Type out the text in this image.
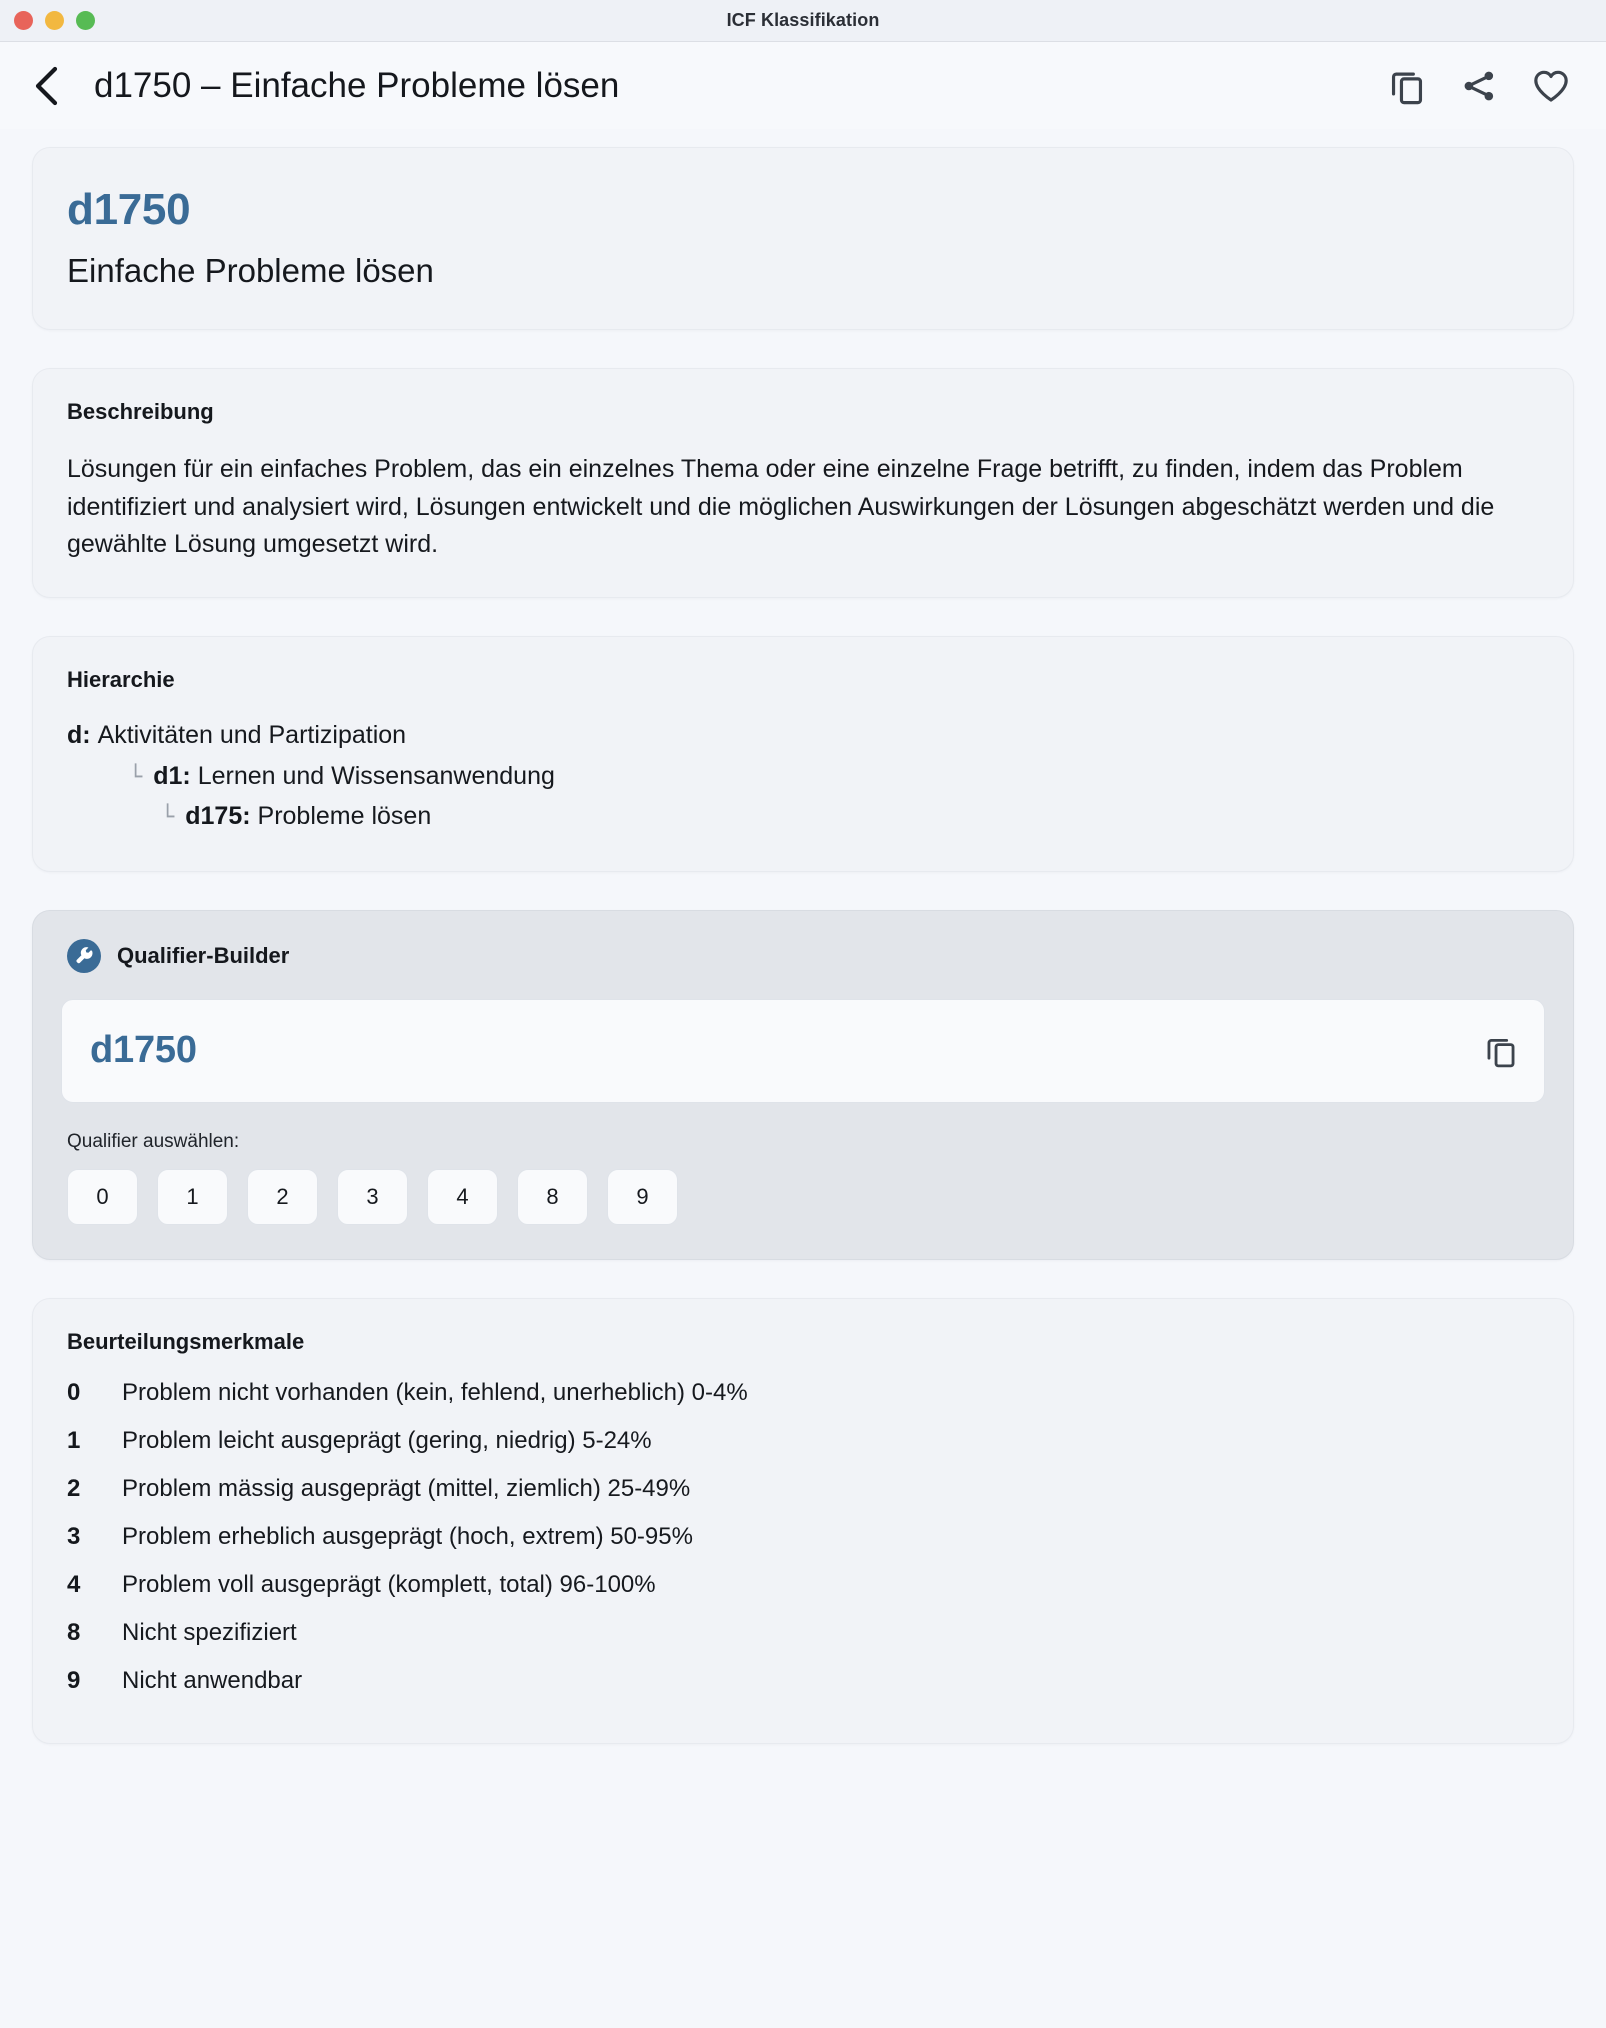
ICF Klassifikation
d1750 – Einfache Probleme lösen
d1750
Einfache Probleme lösen
Beschreibung
Lösungen für ein einfaches Problem, das ein einzelnes Thema oder eine einzelne Frage betrifft, zu finden, indem das Problem identifiziert und analysiert wird, Lösungen entwickelt und die möglichen Auswirkungen der Lösungen abgeschätzt werden und die gewählte Lösung umgesetzt wird.
Hierarchie
d:
Aktivitäten und Partizipation
└ d1:
Lernen und Wissensanwendung
└ d175:
Probleme lösen
Qualifier-Builder
d1750
Qualifier auswählen:
0	1	2	3	4	8	9
Beurteilungsmerkmale
0	Problem nicht vorhanden (kein, fehlend, unerheblich) 0-4%
1	Problem leicht ausgeprägt (gering, niedrig) 5-24%
2	Problem mässig ausgeprägt (mittel, ziemlich) 25-49%
3	Problem erheblich ausgeprägt (hoch, extrem) 50-95%
4	Problem voll ausgeprägt (komplett, total) 96-100%
8	Nicht spezifiziert
9	Nicht anwendbar
